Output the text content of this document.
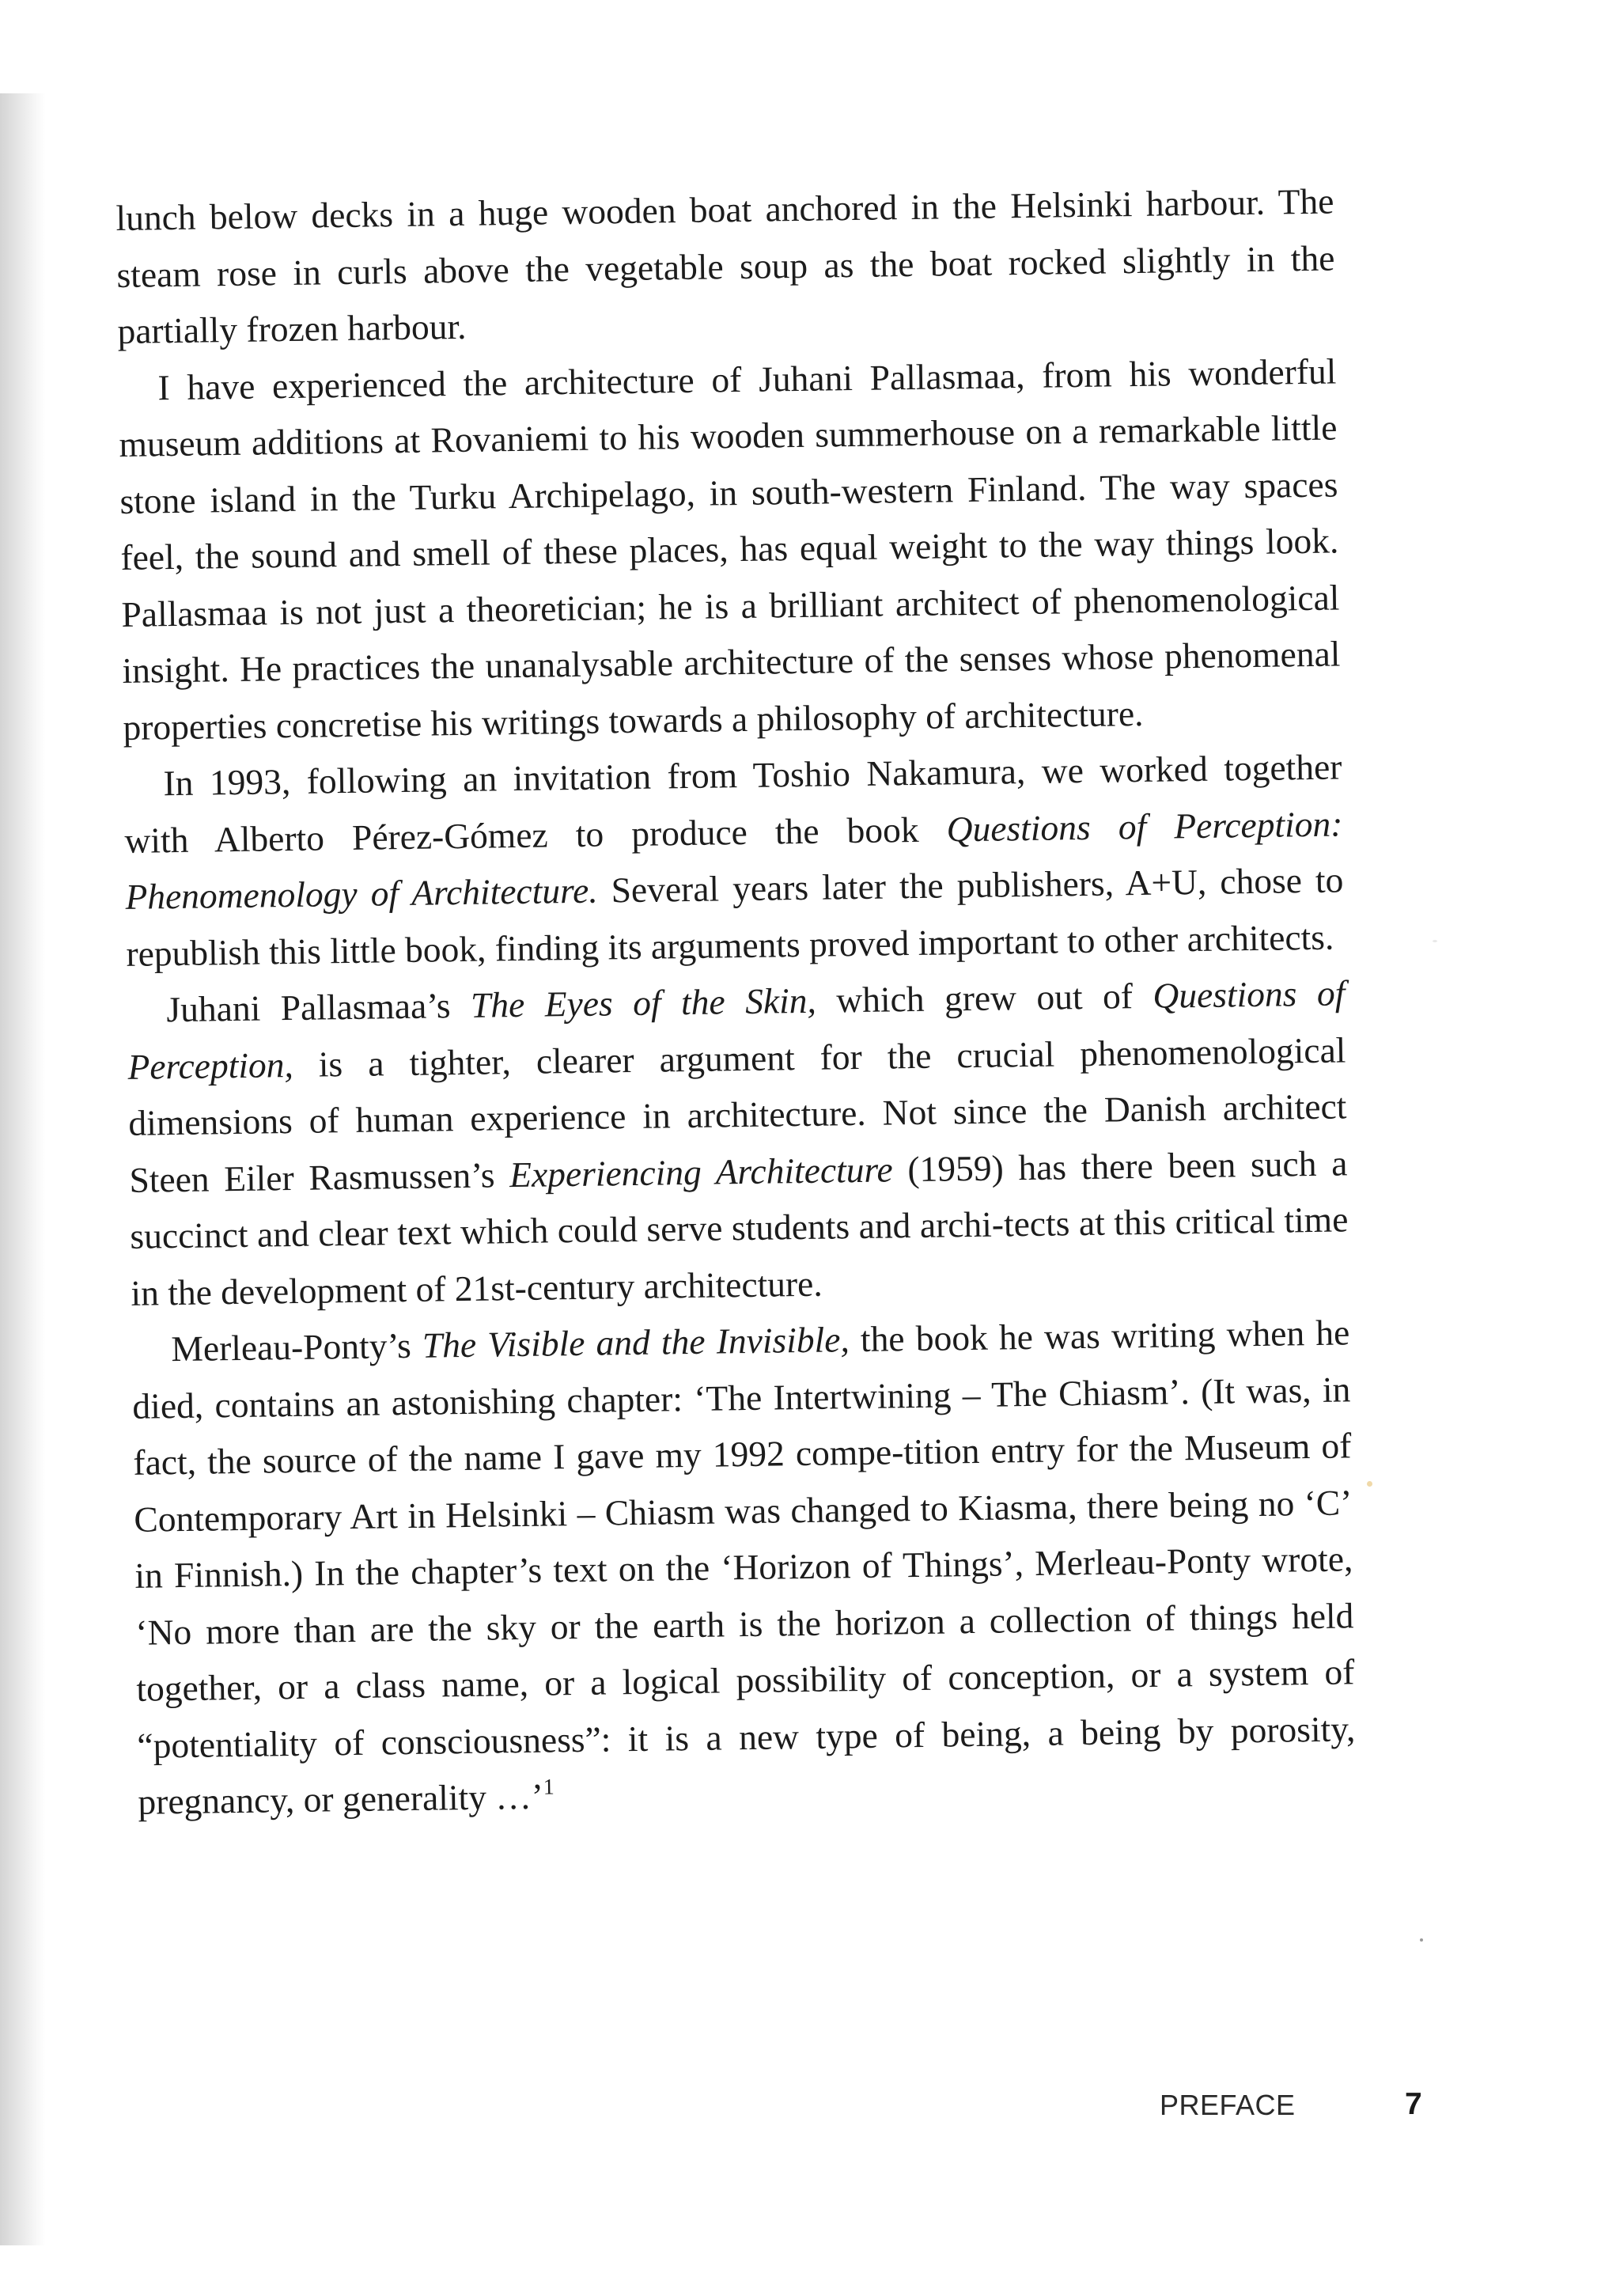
lunch below decks in a huge wooden boat anchored in the Helsinki harbour. The steam rose in curls above the vegetable soup as the boat rocked slightly in the partially frozen harbour.

I have experienced the architecture of Juhani Pallasmaa, from his wonderful museum additions at Rovaniemi to his wooden summerhouse on a remarkable little stone island in the Turku Archipelago, in south-western Finland. The way spaces feel, the sound and smell of these places, has equal weight to the way things look. Pallasmaa is not just a theoretician; he is a brilliant architect of phenomenological insight. He practices the unanalysable architecture of the senses whose phenomenal properties concretise his writings towards a philosophy of architecture.

In 1993, following an invitation from Toshio Nakamura, we worked together with Alberto Pérez-Gómez to produce the book Questions of Perception: Phenomenology of Architecture. Several years later the publishers, A+U, chose to republish this little book, finding its arguments proved important to other architects.

Juhani Pallasmaa’s The Eyes of the Skin, which grew out of Questions of Perception, is a tighter, clearer argument for the crucial phenomenological dimensions of human experience in architecture. Not since the Danish architect Steen Eiler Rasmussen’s Experiencing Architecture (1959) has there been such a succinct and clear text which could serve students and archi-tects at this critical time in the development of 21st-century architecture.

Merleau-Ponty’s The Visible and the Invisible, the book he was writing when he died, contains an astonishing chapter: ‘The Intertwining – The Chiasm’. (It was, in fact, the source of the name I gave my 1992 compe-tition entry for the Museum of Contemporary Art in Helsinki – Chiasm was changed to Kiasma, there being no ‘C’ in Finnish.) In the chapter’s text on the ‘Horizon of Things’, Merleau-Ponty wrote, ‘No more than are the sky or the earth is the horizon a collection of things held together, or a class name, or a logical possibility of conception, or a system of “potentiality of consciousness”: it is a new type of being, a being by porosity, pregnancy, or generality …’$^1$

PREFACE	7
